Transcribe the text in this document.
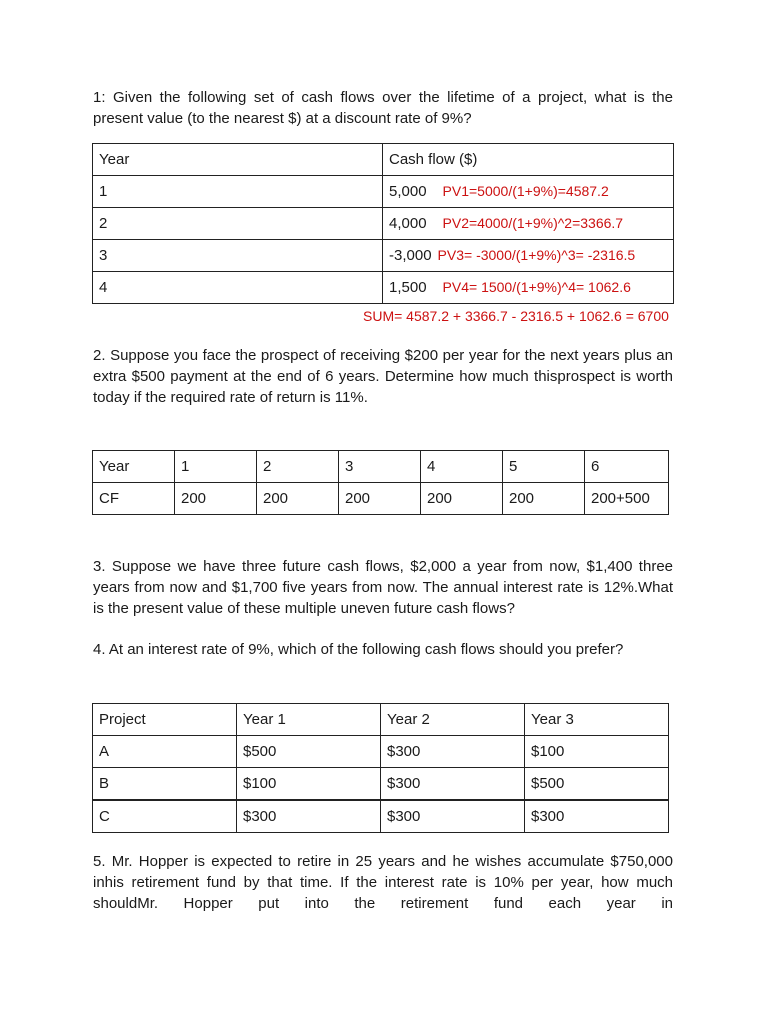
1: Given the following set of cash flows over the lifetime of a project, what is the present value (to the nearest $) at a discount rate of 9%?

Year	Cash flow ($)
1	5,000 PV1=5000/(1+9%)=4587.2
2	4,000 PV2=4000/(1+9%)^2=3366.7
3	-3,000 PV3= -3000/(1+9%)^3= -2316.5
4	1,500 PV4= 1500/(1+9%)^4= 1062.6
SUM= 4587.2 + 3366.7 - 2316.5 + 1062.6 = 6700

2. Suppose you face the prospect of receiving $200 per year for the next years plus an extra $500 payment at the end of 6 years. Determine how much thisprospect is worth today if the required rate of return is 11%.

Year	1	2	3	4	5	6
CF	200	200	200	200	200	200+500

3. Suppose we have three future cash flows, $2,000 a year from now, $1,400 three years from now and $1,700 five years from now. The annual interest rate is 12%.What is the present value of these multiple uneven future cash flows?

4. At an interest rate of 9%, which of the following cash flows should you prefer?

Project	Year 1	Year 2	Year 3
A	$500	$300	$100
B	$100	$300	$500
C	$300	$300	$300

5. Mr. Hopper is expected to retire in 25 years and he wishes accumulate $750,000 inhis retirement fund by that time. If the interest rate is 10% per year, how much shouldMr. Hopper put into the retirement fund each year in
